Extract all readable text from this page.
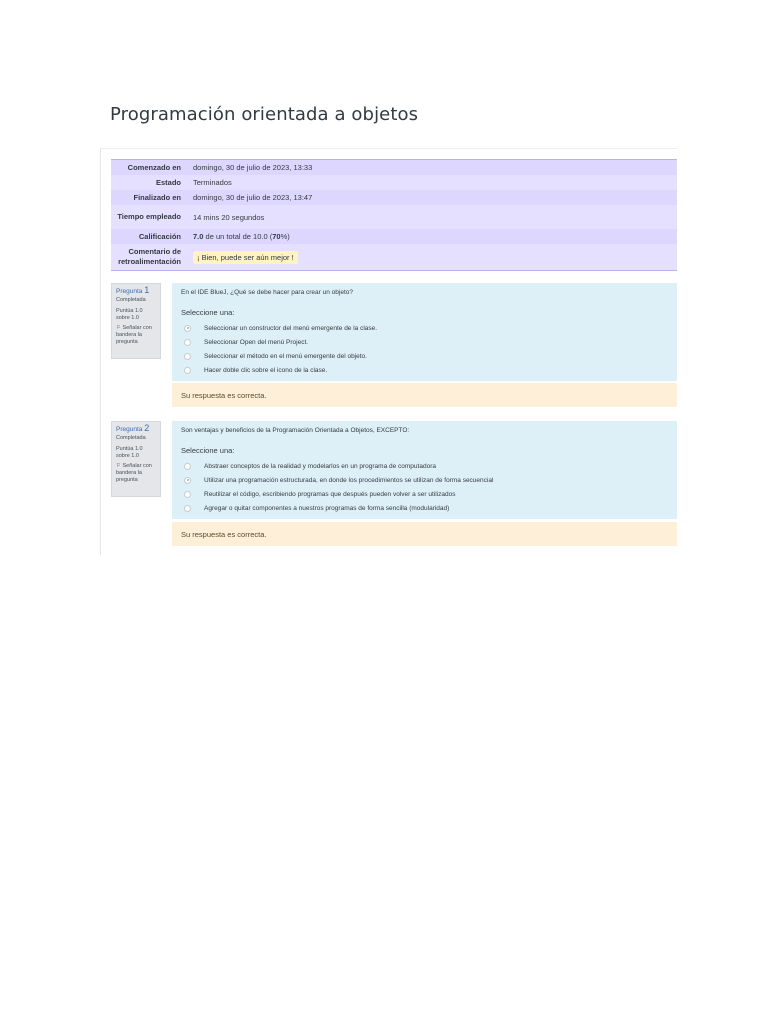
Programación orientada a objetos
Comenzado en	domingo, 30 de julio de 2023, 13:33
Estado	Terminados
Finalizado en	domingo, 30 de julio de 2023, 13:47
Tiempo empleado	14 mins 20 segundos
Calificación	7.0 de un total de 10.0 (70%)
Comentario de retroalimentación	¡ Bien, puede ser aún mejor !
Pregunta 1
Completada
Puntúa 1.0 sobre 1.0
⚐ Señalar con bandera la pregunta
En el IDE BlueJ, ¿Qué se debe hacer para crear un objeto?
Seleccione una:
Seleccionar un constructor del menú emergente de la clase.
Seleccionar Open del menú Project.
Seleccionar el método en el menú emergente del objeto.
Hacer doble clic sobre el icono de la clase.
Su respuesta es correcta.
Pregunta 2
Completada
Puntúa 1.0 sobre 1.0
⚐ Señalar con bandera la pregunta
Son ventajas y beneficios de la Programación Orientada a Objetos, EXCEPTO:
Seleccione una:
Abstraer conceptos de la realidad y modelarlos en un programa de computadora
Utilizar una programación estructurada, en donde los procedimientos se utilizan de forma secuencial
Reutilizar el código, escribiendo programas que después pueden volver a ser utilizados
Agregar o quitar componentes a nuestros programas de forma sencilla (modularidad)
Su respuesta es correcta.
